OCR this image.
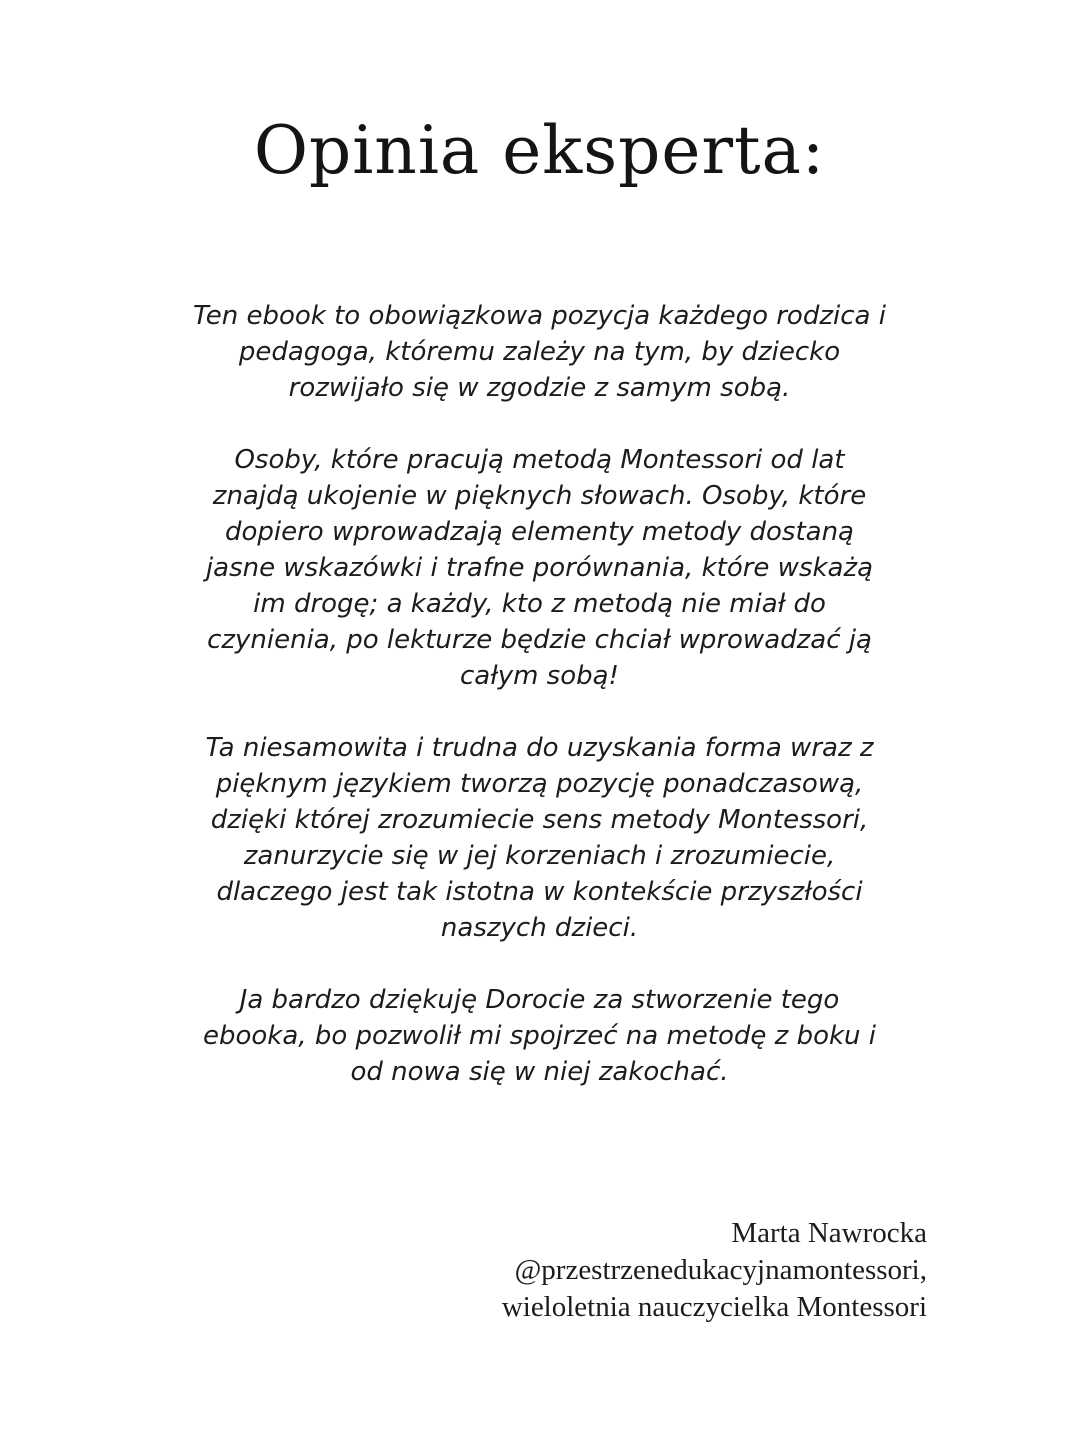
Opinia eksperta:
Ten ebook to obowiązkowa pozycja każdego rodzica i
pedagoga, któremu zależy na tym, by dziecko
rozwijało się w zgodzie z samym sobą.
Osoby, które pracują metodą Montessori od lat
znajdą ukojenie w pięknych słowach. Osoby, które
dopiero wprowadzają elementy metody dostaną
jasne wskazówki i trafne porównania, które wskażą
im drogę; a każdy, kto z metodą nie miał do
czynienia, po lekturze będzie chciał wprowadzać ją
całym sobą!
Ta niesamowita i trudna do uzyskania forma wraz z
pięknym językiem tworzą pozycję ponadczasową,
dzięki której zrozumiecie sens metody Montessori,
zanurzycie się w jej korzeniach i zrozumiecie,
dlaczego jest tak istotna w kontekście przyszłości
naszych dzieci.
Ja bardzo dziękuję Dorocie za stworzenie tego
ebooka, bo pozwolił mi spojrzeć na metodę z boku i
od nowa się w niej zakochać.
Marta Nawrocka
@przestrzenedukacyjnamontessori,
wieloletnia nauczycielka Montessori
